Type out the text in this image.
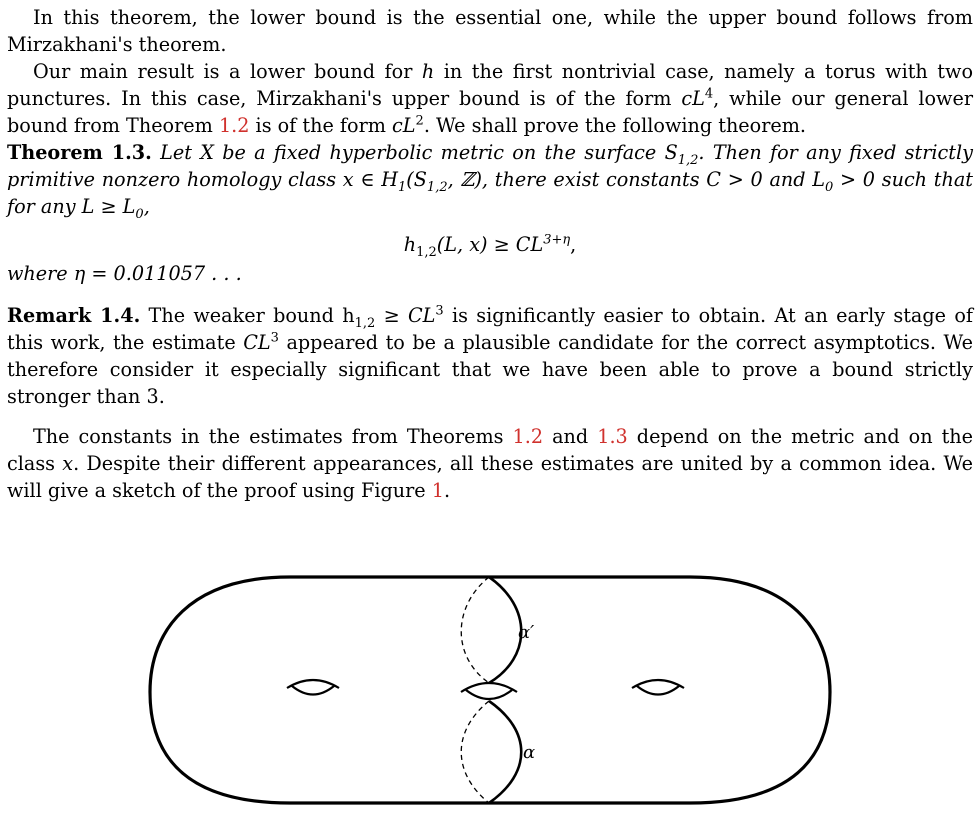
In this theorem, the lower bound is the essential one, while the upper bound follows from Mirzakhani's theorem.

Our main result is a lower bound for h in the first nontrivial case, namely a torus with two punctures. In this case, Mirzakhani's upper bound is of the form $cL^4$, while our general lower bound from Theorem 1.2 is of the form $cL^2$. We shall prove the following theorem.

Theorem 1.3. Let X be a fixed hyperbolic metric on the surface $S_{1,2}$. Then for any fixed strictly primitive nonzero homology class x ∈ $H_1(S_{1,2}$, ℤ), there exist constants C > 0 and $L_0 > 0$ such that for any $L \ge L_0$,

$h_{1,2}(L$, $x) \ge CL^{3+\eta}$,

where η = 0.011057 . . .

Remark 1.4. The weaker bound $h_{1,2} \ge CL^3$ is significantly easier to obtain. At an early stage of this work, the estimate $CL^3$ appeared to be a plausible candidate for the correct asymptotics. We therefore consider it especially significant that we have been able to prove a bound strictly stronger than 3.

The constants in the estimates from Theorems 1.2 and 1.3 depend on the metric and on the class x. Despite their different appearances, all these estimates are united by a common idea. We will give a sketch of the proof using Figure 1.

α′
α
